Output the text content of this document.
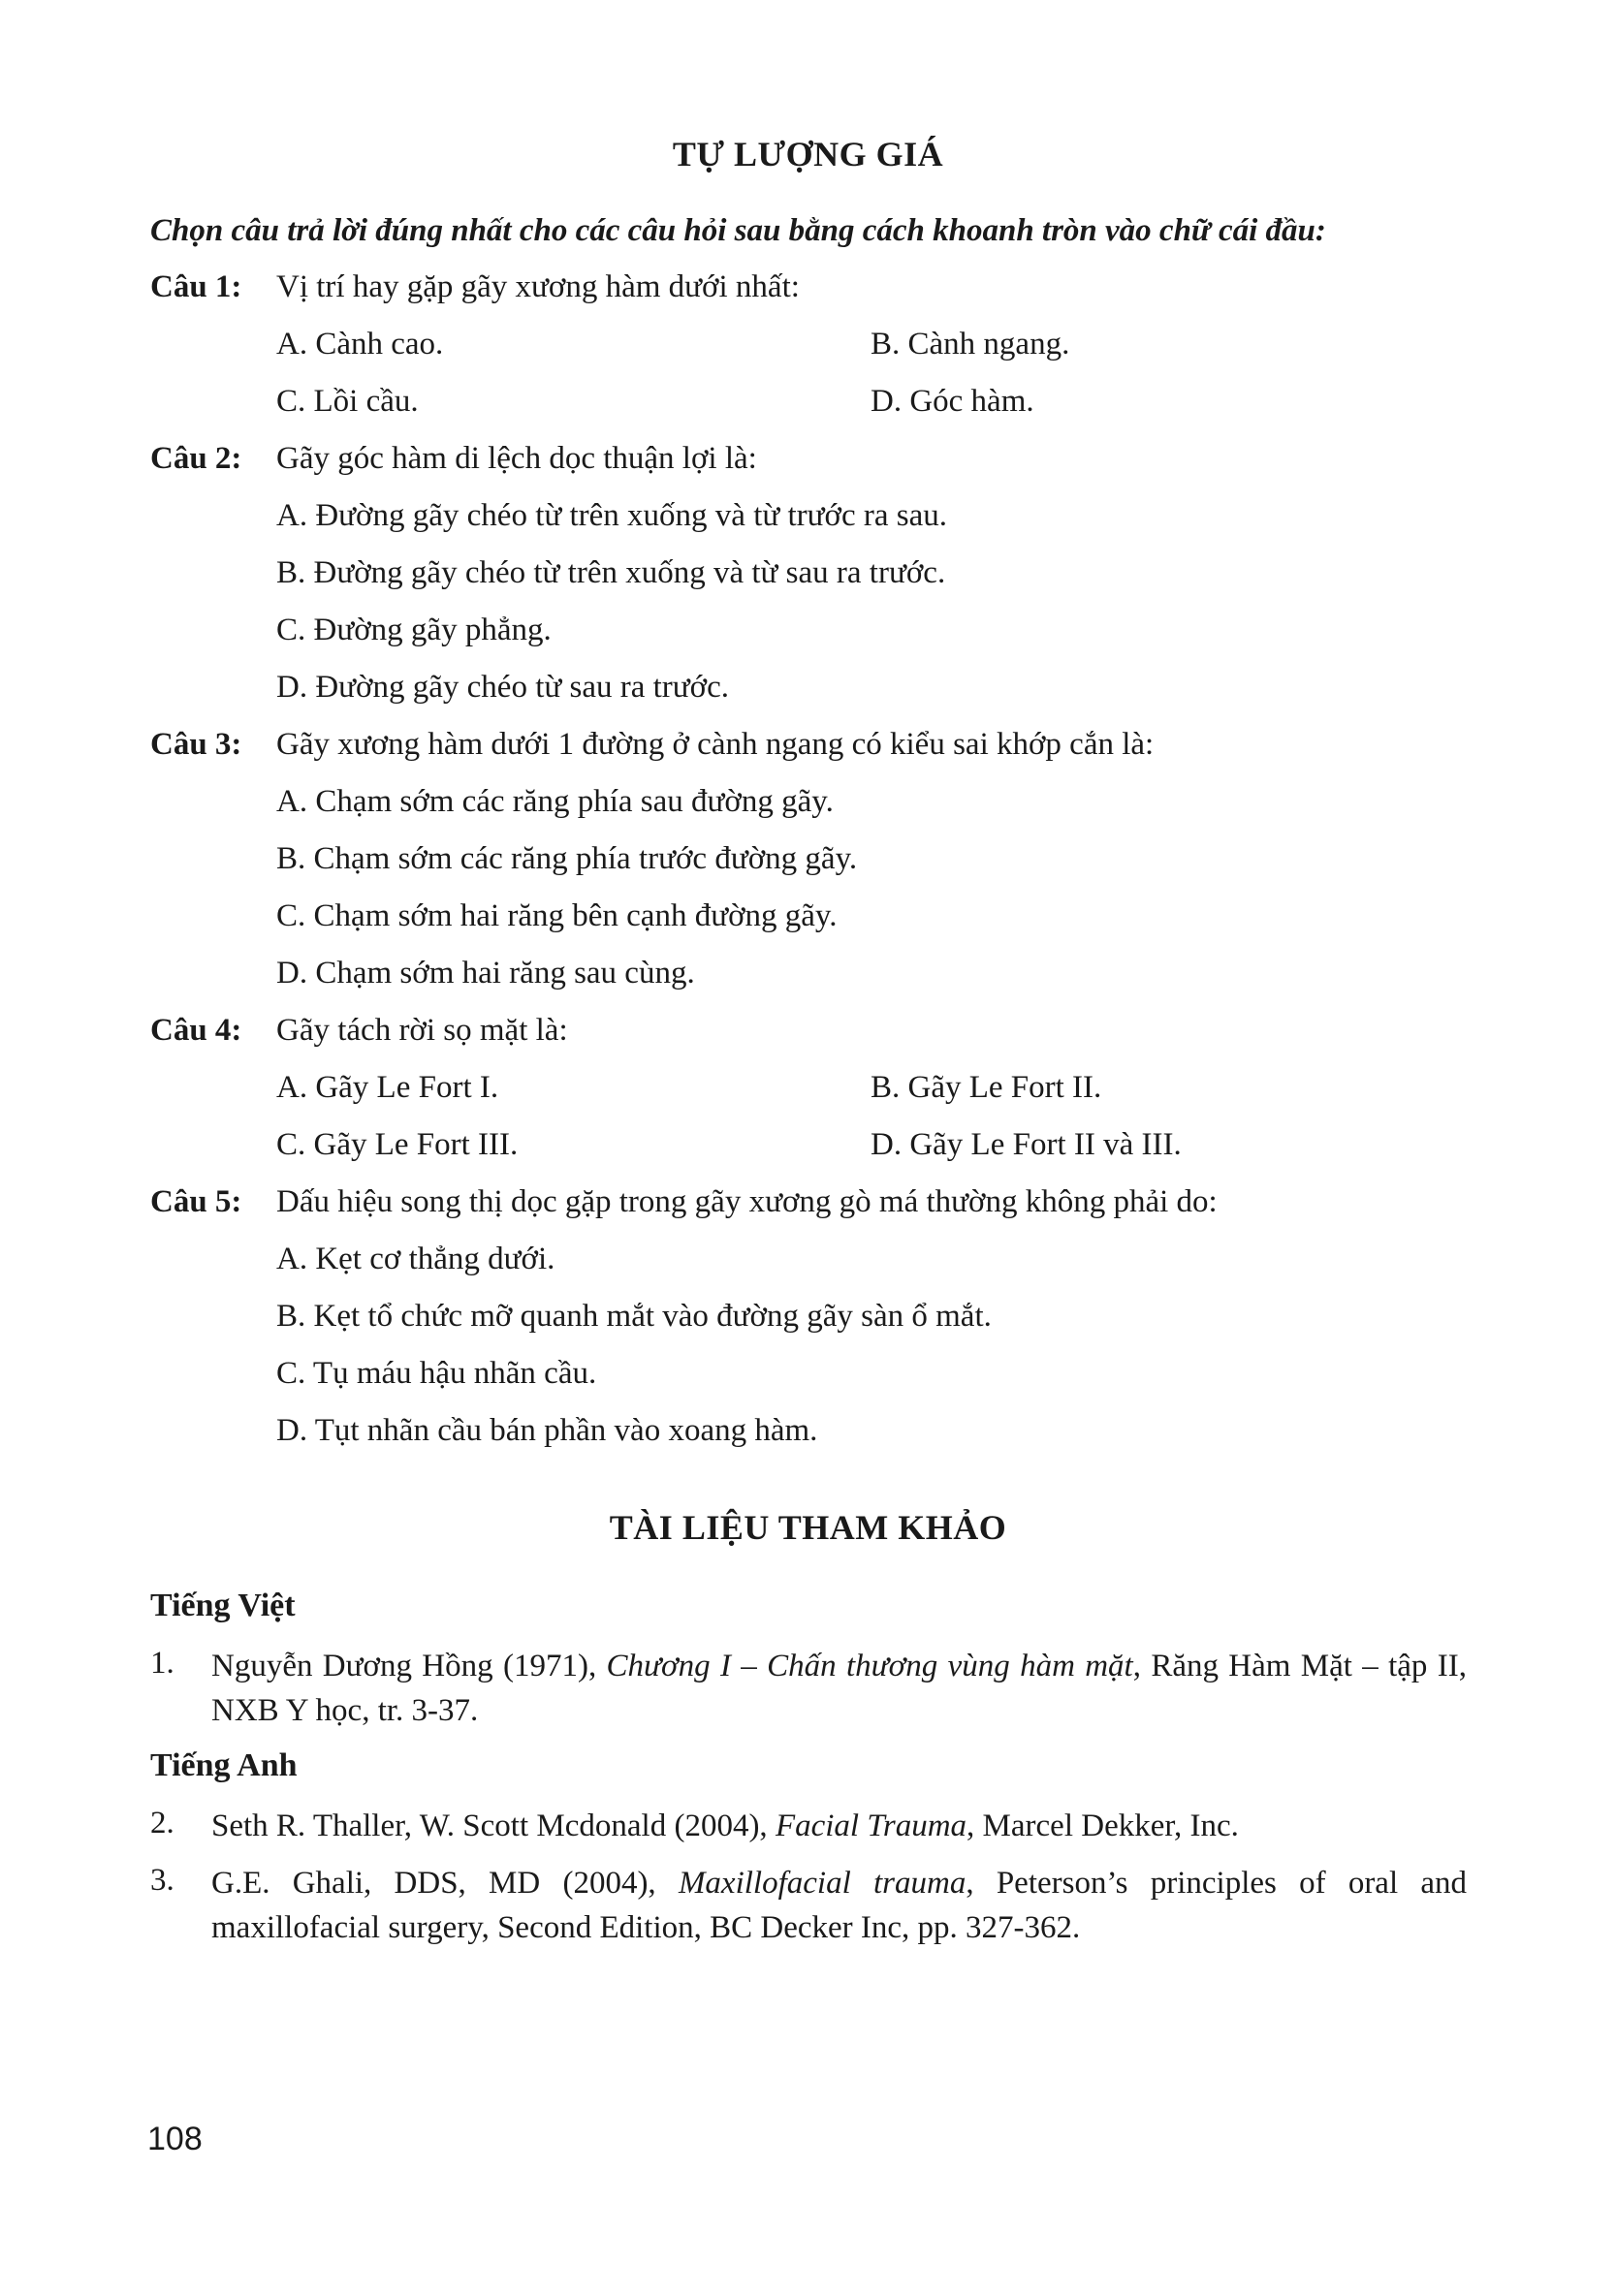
TỰ LƯỢNG GIÁ
Chọn câu trả lời đúng nhất cho các câu hỏi sau bằng cách khoanh tròn vào chữ cái đầu:
Câu 1: Vị trí hay gặp gãy xương hàm dưới nhất:
A. Cành cao.	B. Cành ngang.
C. Lồi cầu.	D. Góc hàm.
Câu 2: Gãy góc hàm di lệch dọc thuận lợi là:
A. Đường gãy chéo từ trên xuống và từ trước ra sau.
B. Đường gãy chéo từ trên xuống và từ sau ra trước.
C. Đường gãy phẳng.
D. Đường gãy chéo từ sau ra trước.
Câu 3: Gãy xương hàm dưới 1 đường ở cành ngang có kiểu sai khớp cắn là:
A. Chạm sớm các răng phía sau đường gãy.
B. Chạm sớm các răng phía trước đường gãy.
C. Chạm sớm hai răng bên cạnh đường gãy.
D. Chạm sớm hai răng sau cùng.
Câu 4: Gãy tách rời sọ mặt là:
A. Gãy Le Fort I.	B. Gãy Le Fort II.
C. Gãy Le Fort III.	D. Gãy Le Fort II và III.
Câu 5: Dấu hiệu song thị dọc gặp trong gãy xương gò má thường không phải do:
A. Kẹt cơ thẳng dưới.
B. Kẹt tổ chức mỡ quanh mắt vào đường gãy sàn ổ mắt.
C. Tụ máu hậu nhãn cầu.
D. Tụt nhãn cầu bán phần vào xoang hàm.
TÀI LIỆU THAM KHẢO
Tiếng Việt
1. Nguyễn Dương Hồng (1971), Chương I – Chấn thương vùng hàm mặt, Răng Hàm Mặt – tập II, NXB Y học, tr. 3-37.
Tiếng Anh
2. Seth R. Thaller, W. Scott Mcdonald (2004), Facial Trauma, Marcel Dekker, Inc.
3. G.E. Ghali, DDS, MD (2004), Maxillofacial trauma, Peterson’s principles of oral and maxillofacial surgery, Second Edition, BC Decker Inc, pp. 327-362.
108
